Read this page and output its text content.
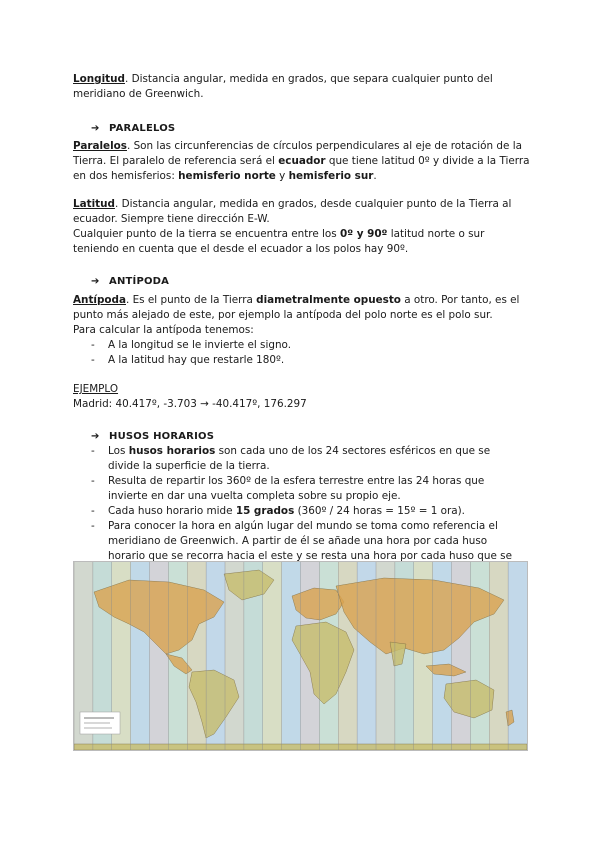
Longitud. Distancia angular, medida en grados, que separa cualquier punto del meridiano de Greenwich.

➔ PARALELOS

Paralelos. Son las circunferencias de círculos perpendiculares al eje de rotación de la Tierra. El paralelo de referencia será el ecuador que tiene latitud 0º y divide a la Tierra en dos hemisferios: hemisferio norte y hemisferio sur.

Latitud. Distancia angular, medida en grados, desde cualquier punto de la Tierra al ecuador. Siempre tiene dirección E-W.

Cualquier punto de la tierra se encuentra entre los 0º y 90º latitud norte o sur teniendo en cuenta que el desde el ecuador a los polos hay 90º.

➔ ANTÍPODA

Antípoda. Es el punto de la Tierra diametralmente opuesto a otro. Por tanto, es el punto más alejado de este, por ejemplo la antípoda del polo norte es el polo sur.

Para calcular la antípoda tenemos:

- A la longitud se le invierte el signo.
- A la latitud hay que restarle 180º.

EJEMPLO

Madrid: 40.417º, -3.703 → -40.417º, 176.297

➔ HUSOS HORARIOS
- Los husos horarios son cada uno de los 24 sectores esféricos en que se divide la superficie de la tierra.
- Resulta de repartir los 360º de la esfera terrestre entre las 24 horas que invierte en dar una vuelta completa sobre su propio eje.
- Cada huso horario mide 15 grados (360º / 24 horas = 15º = 1 ora).
- Para conocer la hora en algún lugar del mundo se toma como referencia el meridiano de Greenwich. A partir de él se añade una hora por cada huso horario que se recorra hacia el este y se resta una hora por cada huso que se
